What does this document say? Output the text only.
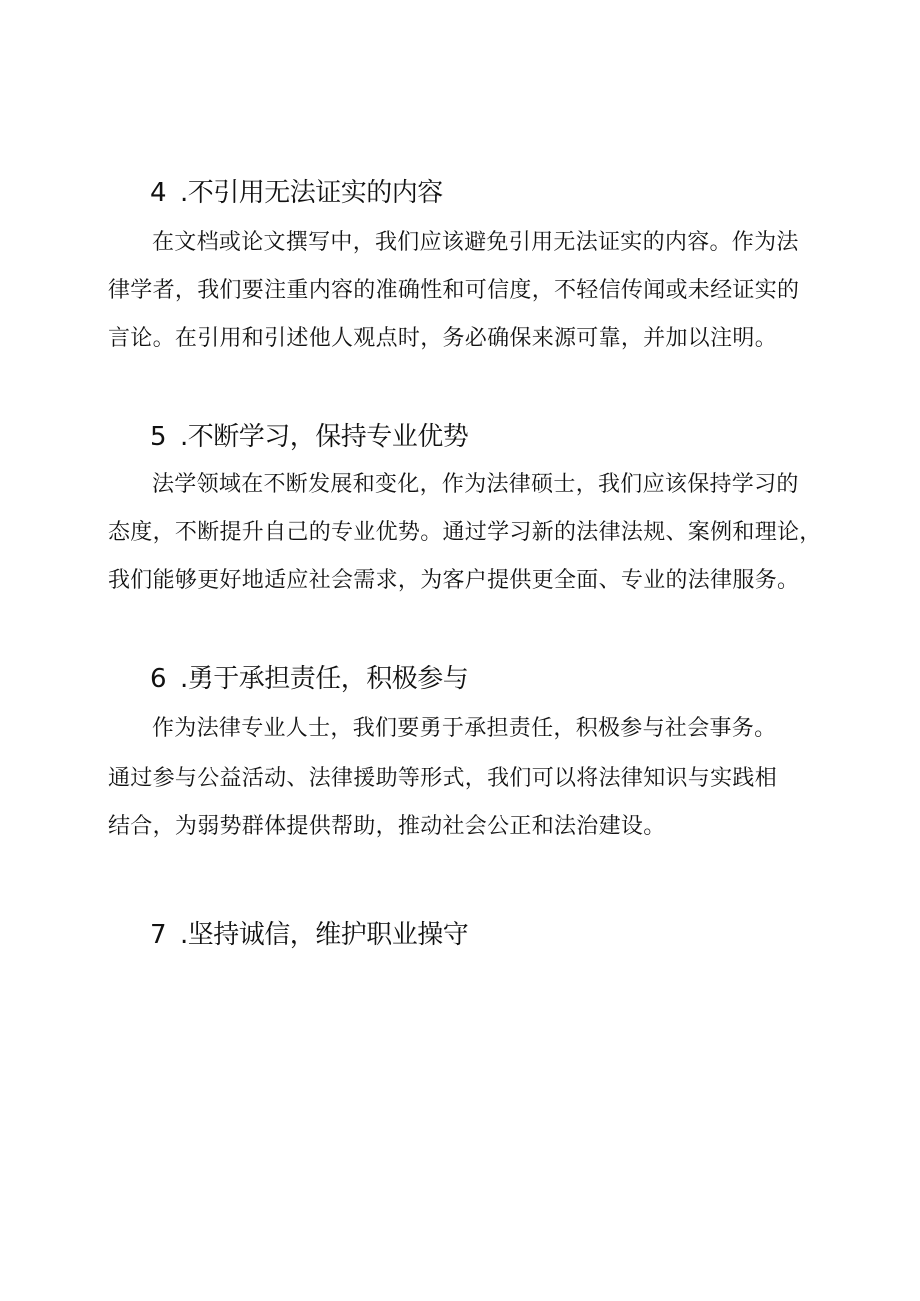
4 .不引用无法证实的内容

在文档或论文撰写中，我们应该避免引用无法证实的内容。作为法

律学者，我们要注重内容的准确性和可信度，不轻信传闻或未经证实的

言论。在引用和引述他人观点时，务必确保来源可靠，并加以注明。

5 .不断学习，保持专业优势

法学领域在不断发展和变化，作为法律硕士，我们应该保持学习的

态度，不断提升自己的专业优势。通过学习新的法律法规、案例和理论，

我们能够更好地适应社会需求，为客户提供更全面、专业的法律服务。

6 .勇于承担责任，积极参与

作为法律专业人士，我们要勇于承担责任，积极参与社会事务。

通过参与公益活动、法律援助等形式，我们可以将法律知识与实践相

结合，为弱势群体提供帮助，推动社会公正和法治建设。

7 .坚持诚信，维护职业操守
